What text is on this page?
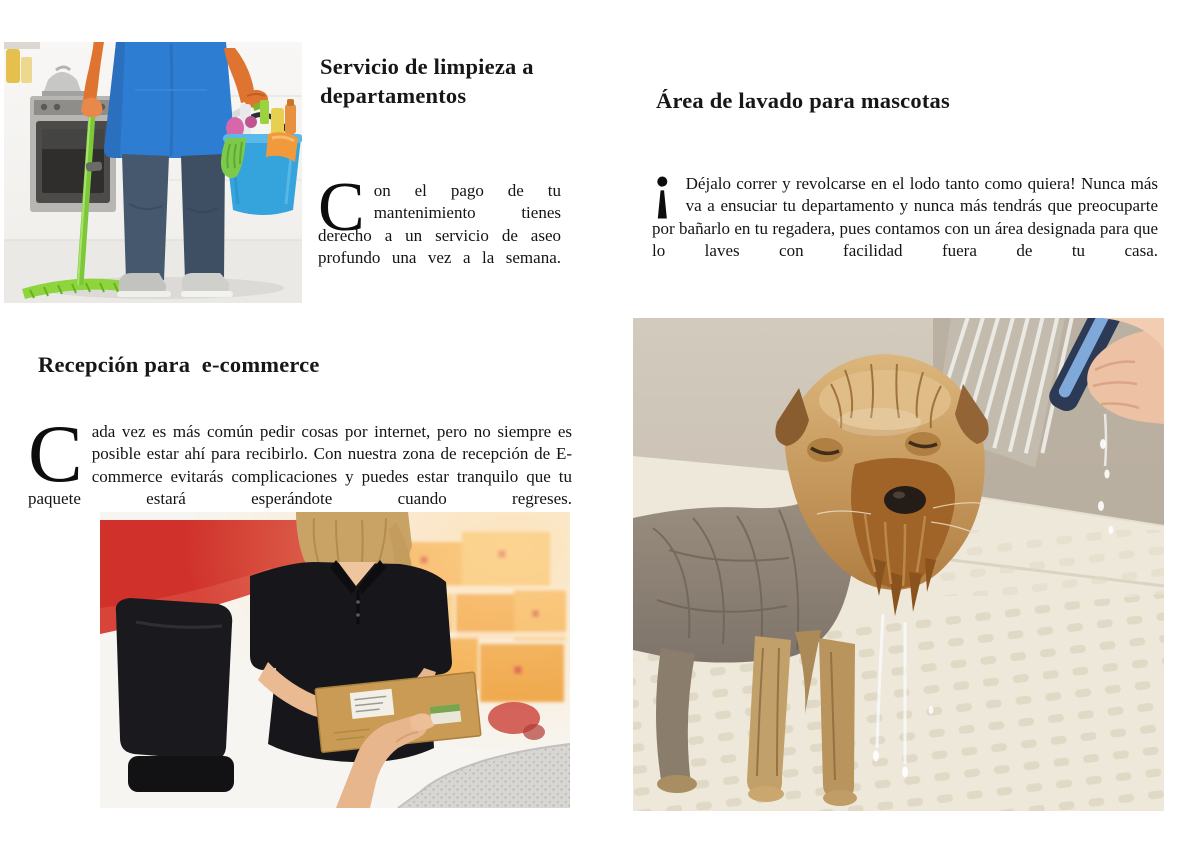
Servicio de limpieza a departamentos

Con el pago de tu mantenimiento tienes derecho a un servicio de aseo profundo una vez a la semana.

Área de lavado para mascotas

¡ Déjalo correr y revolcarse en el lodo tanto como quiera! Nunca más va a ensuciar tu departamento y nunca más tendrás que preocuparte por bañarlo en tu regadera, pues contamos con un área designada para que lo laves con facilidad fuera de tu casa.

Recepción para  e-commerce

Cada vez es más común pedir cosas por internet, pero no siempre es posible estar ahí para recibirlo. Con nuestra zona de recepción de E-commerce evitarás complicaciones y puedes estar tranquilo que tu paquete estará esperándote cuando regreses.
